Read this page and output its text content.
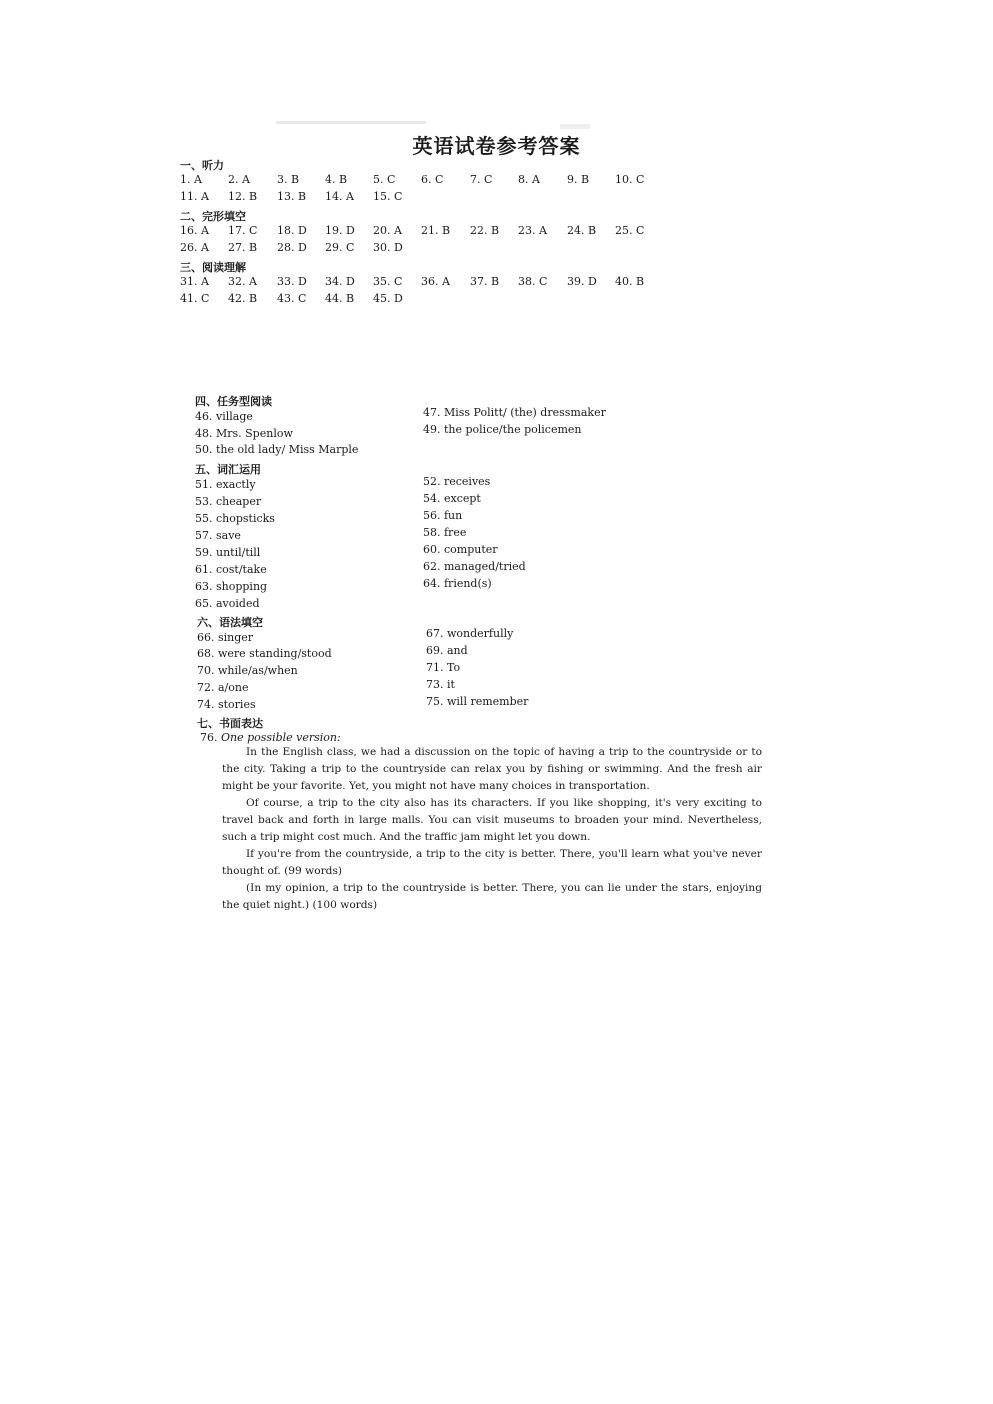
英语试卷参考答案
一、听力
1. A 2. A 3. B 4. B 5. C 6. C 7. C 8. A 9. B 10. C
11. A 12. B 13. B 14. A 15. C
二、完形填空
16. A 17. C 18. D 19. D 20. A 21. B 22. B 23. A 24. B 25. C
26. A 27. B 28. D 29. C 30. D
三、阅读理解
31. A 32. A 33. D 34. D 35. C 36. A 37. B 38. C 39. D 40. B
41. C 42. B 43. C 44. B 45. D
四、任务型阅读
46. village
48. Mrs. Spenlow
50. the old lady/ Miss Marple
47. Miss Politt/ (the) dressmaker
49. the police/the policemen
五、词汇运用
51. exactly
53. cheaper
55. chopsticks
57. save
59. until/till
61. cost/take
63. shopping
65. avoided
52. receives
54. except
56. fun
58. free
60. computer
62. managed/tried
64. friend(s)
六、语法填空
66. singer
68. were standing/stood
70. while/as/when
72. a/one
74. stories
67. wonderfully
69. and
71. To
73. it
75. will remember
七、书面表达
76. One possible version:

In the English class, we had a discussion on the topic of having a trip to the countryside or to the city. Taking a trip to the countryside can relax you by fishing or swimming. And the fresh air might be your favorite. Yet, you might not have many choices in transportation.

Of course, a trip to the city also has its characters. If you like shopping, it's very exciting to travel back and forth in large malls. You can visit museums to broaden your mind. Nevertheless, such a trip might cost much. And the traffic jam might let you down.

If you're from the countryside, a trip to the city is better. There, you'll learn what you've never thought of. (99 words)

(In my opinion, a trip to the countryside is better. There, you can lie under the stars, enjoying the quiet night.) (100 words)
